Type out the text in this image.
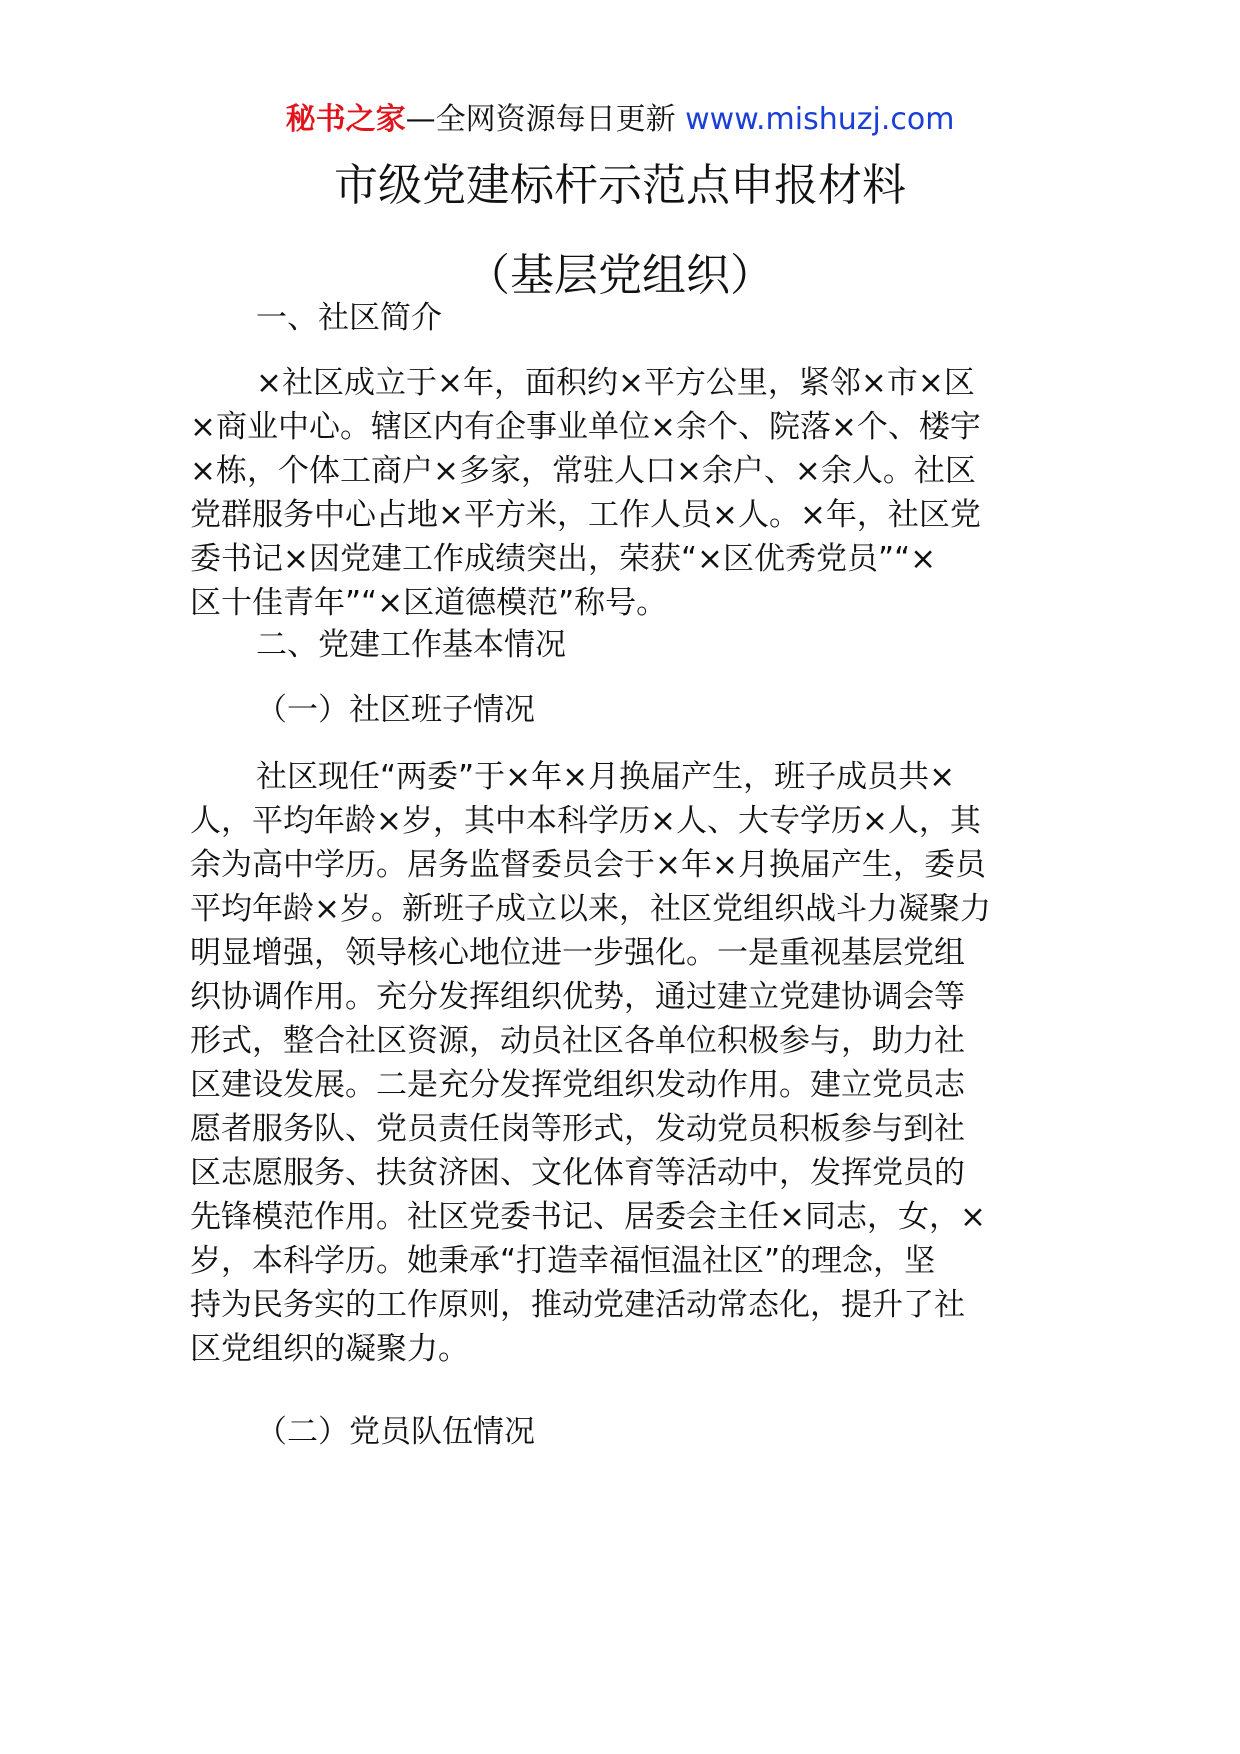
秘书之家—全网资源每日更新 www.mishuzj.com
市级党建标杆示范点申报材料
（基层党组织）
一、社区简介
×社区成立于×年，面积约×平方公里，紧邻×市×区
×商业中心。辖区内有企事业单位×余个、院落×个、楼宇
×栋，个体工商户×多家，常驻人口×余户、×余人。社区
党群服务中心占地×平方米，工作人员×人。×年，社区党
委书记×因党建工作成绩突出，荣获“×区优秀党员”“×
区十佳青年”“×区道德模范”称号。
二、党建工作基本情况
（一）社区班子情况
社区现任“两委”于×年×月换届产生，班子成员共×
人，平均年龄×岁，其中本科学历×人、大专学历×人，其
余为高中学历。居务监督委员会于×年×月换届产生，委员
平均年龄×岁。新班子成立以来，社区党组织战斗力凝聚力
明显增强，领导核心地位进一步强化。一是重视基层党组
织协调作用。充分发挥组织优势，通过建立党建协调会等
形式，整合社区资源，动员社区各单位积极参与，助力社
区建设发展。二是充分发挥党组织发动作用。建立党员志
愿者服务队、党员责任岗等形式，发动党员积板参与到社
区志愿服务、扶贫济困、文化体育等活动中，发挥党员的
先锋模范作用。社区党委书记、居委会主任×同志，女，×
岁，本科学历。她秉承“打造幸福恒温社区”的理念，坚
持为民务实的工作原则，推动党建活动常态化，提升了社
区党组织的凝聚力。
（二）党员队伍情况
